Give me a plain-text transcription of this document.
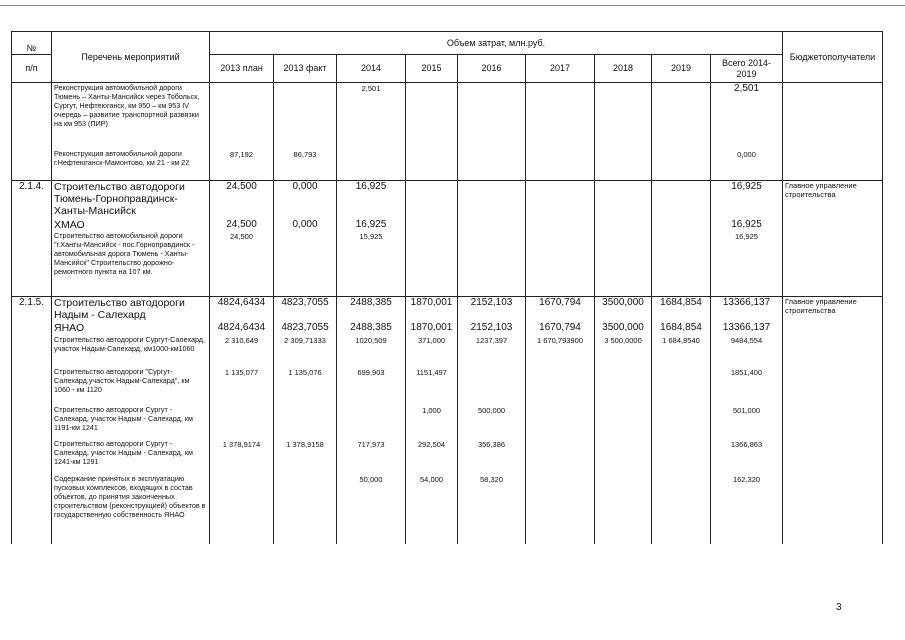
№	Перечень мероприятий	Объем затрат, млн.руб.									Бюджетополучатели
п/п		2013 план	2013 факт	2014	2015	2016	2017	2018	2019	Всего 2014-2019	
	Реконструкция автомобильной дороги Тюмень – Ханты-Мансийск через Тобольск, Сургут, Нефтеюганск, км 950 – км 953 IV очередь – развитие транспортной развязки на км 953 (ПИР)			2,501						2,501	
	Реконструкция автомобильной дороги г.Нефтеюганск-Мамонтово, км 21 - км 22	87,192	86,793							0,000	
2.1.4.	Строительство автодороги Тюмень-Горноправдинск-Ханты-Мансийск	24,500	0,000	16,925						16,925	Главное управление строительства
	ХМАО	24,500	0,000	16,925						16,925	
	Строительство автомобильной дороги "г.Ханты-Мансийск - пос.Горноправдинск - автомобильная дорога Тюмень - Ханты-Мансийск" Строительство дорожно-ремонтного пункта на 107 км.	24,500		15,925						16,925	
2.1.5.	Строительство автодороги Надым - Салехард	4824,6434	4823,7055	2488,385	1870,001	2152,103	1670,794	3500,000	1684,854	13366,137	Главное управление строительства
	ЯНАО	4824,6434	4823,7055	2488,385	1870,001	2152,103	1670,794	3500,000	1684,854	13366,137	
	Строительство автодороги Сургут-Салехард, участок Надым-Салехард, км1000-км1060	2 310,649	2 309,71333	1020,509	371,000	1237,397	1 670,793900	3 500,0000	1 684,8540	9484,554	
	Строительство автодороги "Сургут-Салехард,участок Надым-Салехард", км 1060 - км 1120	1 135,077	1 135,076	699,903	1151,497					1851,400	
	Строительство автодороги Сургут - Салехард, участок Надым - Салехард, км 1191-км 1241				1,000	500,000				501,000	
	Строительство автодороги Сургут - Салехард, участок Надым - Салехард, км 1241-км 1291	1 378,9174	1 378,9158	717,973	292,504	356,386				1366,863	
	Содержание принятых в эксплуатацию пусковых комплексов, входящих в состав объектов, до принятия законченных строительством (реконструкцией) объектов в государственную собственность ЯНАО			50,000	54,000	58,320				162,320	
3
